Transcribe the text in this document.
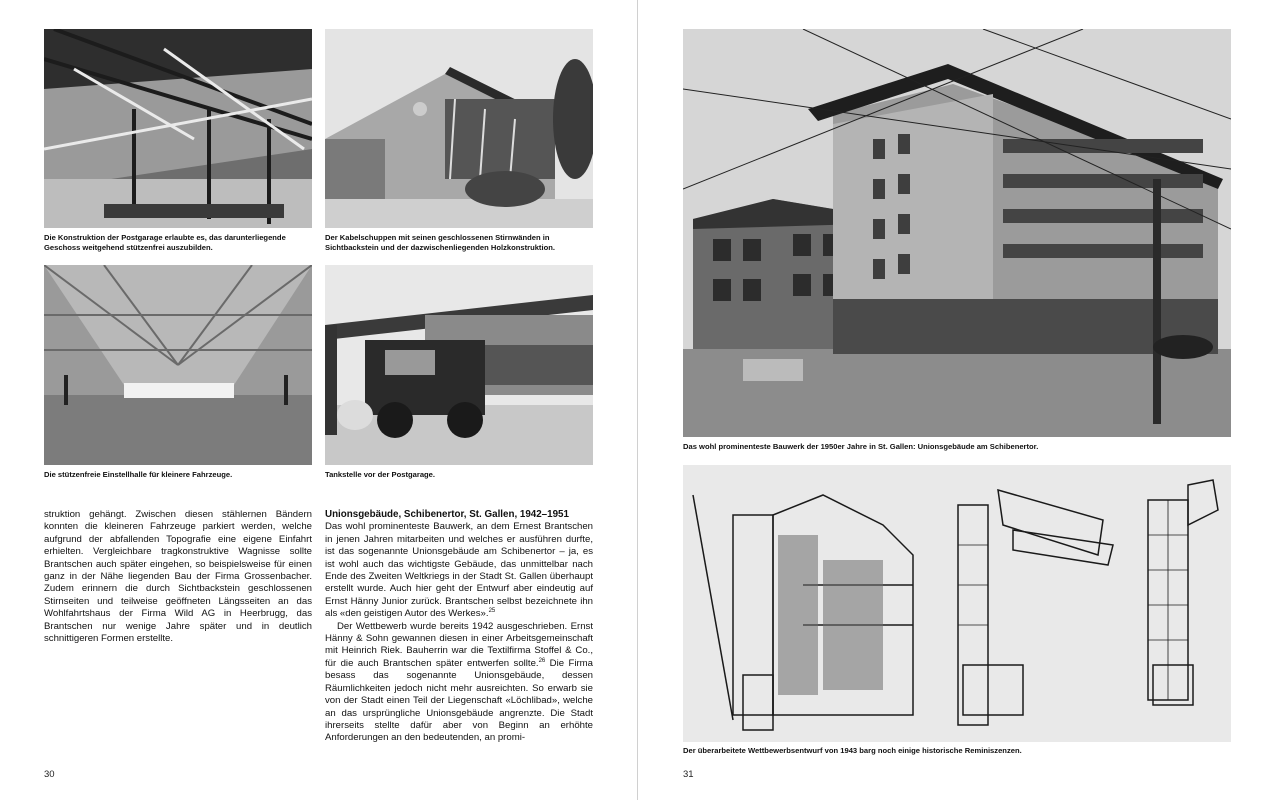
Die Konstruktion der Postgarage erlaubte es, das darunterliegende Geschoss weitgehend stützenfrei auszubilden.
Der Kabelschuppen mit seinen geschlossenen Stirnwänden in Sichtbackstein und der dazwischenliegenden Holzkonstruktion.
Die stützenfreie Einstellhalle für kleinere Fahrzeuge.	Tankstelle vor der Postgarage.

struktion gehängt. Zwischen diesen stählernen Bändern konnten die kleineren Fahrzeuge parkiert werden, welche aufgrund der abfallenden Topografie eine eigene Einfahrt erhielten. Vergleichbare tragkonstruktive Wagnisse sollte Brantschen auch später eingehen, so beispielsweise für einen ganz in der Nähe liegenden Bau der Firma Grossenbacher. Zudem erinnern die durch Sichtbackstein geschlossenen Stirnseiten und teilweise geöffneten Längsseiten an das Wohlfahrtshaus der Firma Wild AG in Heerbrugg, das Brantschen nur wenige Jahre später und in deutlich schnittigeren Formen erstellte.

Unionsgebäude, Schibenertor, St. Gallen, 1942–1951

Das wohl prominenteste Bauwerk, an dem Ernest Brantschen in jenen Jahren mitarbeiten und welches er ausführen durfte, ist das sogenannte Unionsgebäude am Schibenertor – ja, es ist wohl auch das wichtigste Gebäude, das unmittelbar nach Ende des Zweiten Weltkriegs in der Stadt St. Gallen überhaupt erstellt wurde. Auch hier geht der Entwurf aber eindeutig auf Ernst Hänny Junior zurück. Brantschen selbst bezeichnete ihn als «den geistigen Autor des Werkes».$^{25}$

Der Wettbewerb wurde bereits 1942 ausgeschrieben. Ernst Hänny & Sohn gewannen diesen in einer Arbeitsgemeinschaft mit Heinrich Riek. Bauherrin war die Textilfirma Stoffel & Co., für die auch Brantschen später entwerfen sollte.$^{26}$ Die Firma besass das sogenannte Unionsgebäude, dessen Räumlichkeiten jedoch nicht mehr ausreichten. So erwarb sie von der Stadt einen Teil der Liegenschaft «Löchlibad», welche an das ursprüngliche Unionsgebäude angrenzte. Die Stadt ihrerseits stellte dafür aber von Beginn an erhöhte Anforderungen an den bedeutenden, an promi-

30
Das wohl prominenteste Bauwerk der 1950er Jahre in St. Gallen: Unionsgebäude am Schibenertor.
Der überarbeitete Wettbewerbsentwurf von 1943 barg noch einige historische Reminiszenzen.
31
